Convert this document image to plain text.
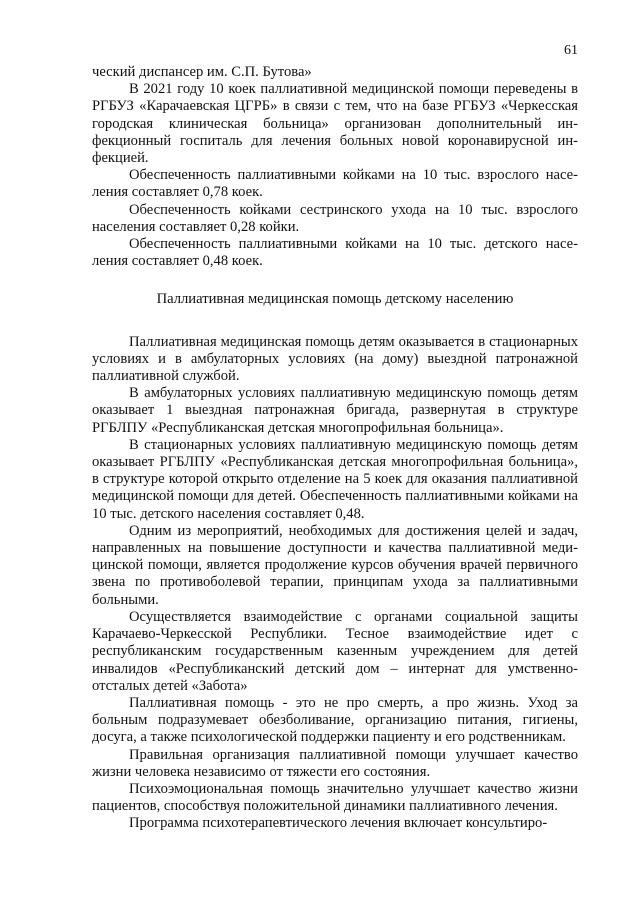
61

ческий диспансер им. С.П. Бутова»

В 2021 году 10 коек паллиативной медицинской помощи переведены в РГБУЗ «Карачаевская ЦГРБ» в связи с тем, что на базе РГБУЗ «Черкесская городская клиническая больница» организован дополнительный инфекционный госпиталь для лечения больных новой коронавирусной инфекцией.

Обеспеченность паллиативными койками на 10 тыс. взрослого населения составляет 0,78 коек.

Обеспеченность койками сестринского ухода на 10 тыс. взрослого населения составляет 0,28 койки.

Обеспеченность паллиативными койками на 10 тыс. детского населения составляет 0,48 коек.

Паллиативная медицинская помощь детскому населению

Паллиативная медицинская помощь детям оказывается в стационарных условиях и в амбулаторных условиях (на дому) выездной патронажной паллиативной службой.

В амбулаторных условиях паллиативную медицинскую помощь детям оказывает 1 выездная патронажная бригада, развернутая в структуре РГБЛПУ «Республиканская детская многопрофильная больница».

В стационарных условиях паллиативную медицинскую помощь детям оказывает РГБЛПУ «Республиканская детская многопрофильная больница», в структуре которой открыто отделение на 5 коек для оказания паллиативной медицинской помощи для детей. Обеспеченность паллиативными койками на 10 тыс. детского населения составляет 0,48.

Одним из мероприятий, необходимых для достижения целей и задач, направленных на повышение доступности и качества паллиативной медицинской помощи, является продолжение курсов обучения врачей первичного звена по противоболевой терапии, принципам ухода за паллиативными больными.

Осуществляется взаимодействие с органами социальной защиты Карачаево-Черкесской Республики. Тесное взаимодействие идет с республиканским государственным казенным учреждением для детей инвалидов «Республиканский детский дом – интернат для умственно-отсталых детей «Забота»

Паллиативная помощь - это не про смерть, а про жизнь. Уход за больным подразумевает обезболивание, организацию питания, гигиены, досуга, а также психологической поддержки пациенту и его родственникам.

Правильная организация паллиативной помощи улучшает качество жизни человека независимо от тяжести его состояния.

Психоэмоциональная помощь значительно улучшает качество жизни пациентов, способствуя положительной динамики паллиативного лечения.

Программа психотерапевтического лечения включает консультиро-
